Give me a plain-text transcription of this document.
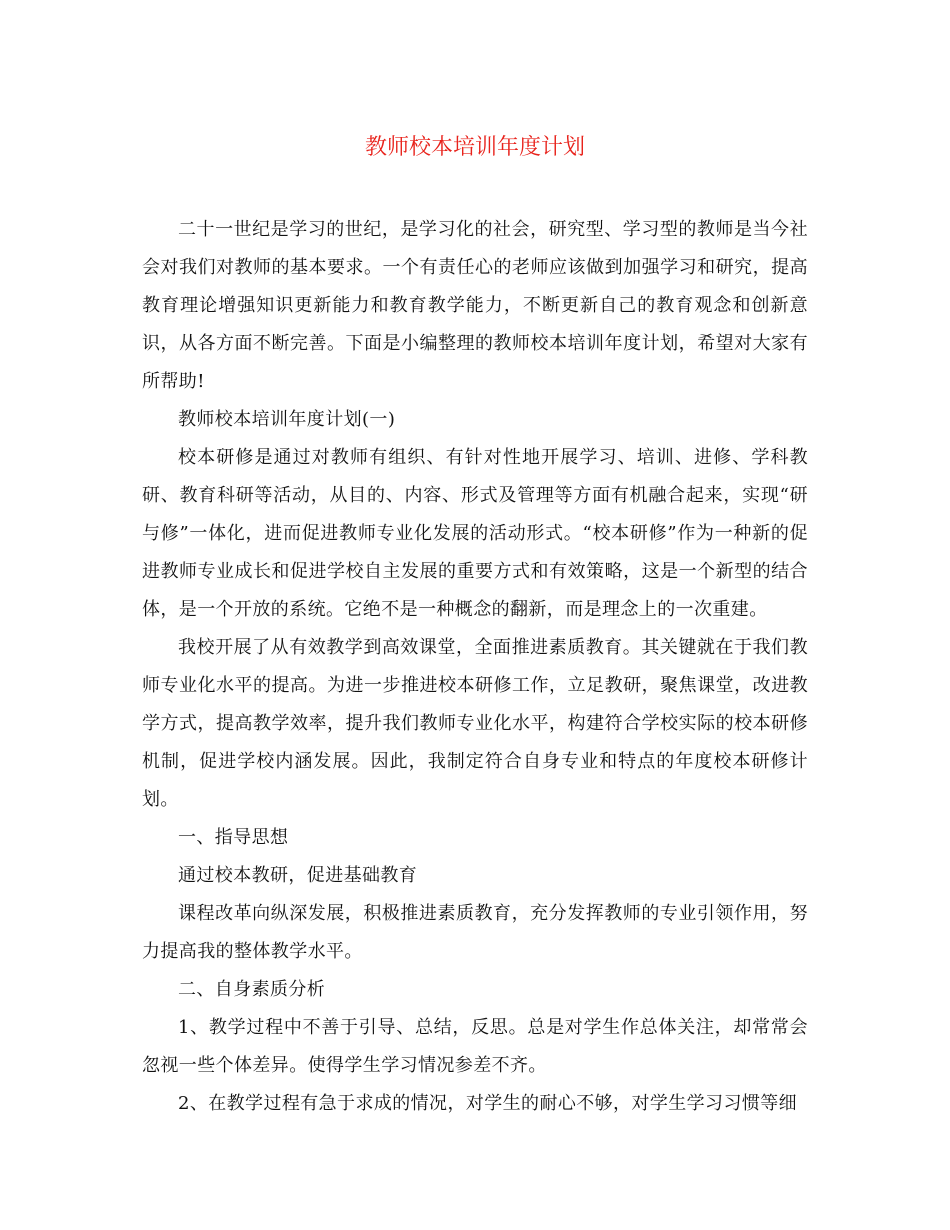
教师校本培训年度计划

二十一世纪是学习的世纪，是学习化的社会，研究型、学习型的教师是当今社会对我们对教师的基本要求。一个有责任心的老师应该做到加强学习和研究，提高教育理论增强知识更新能力和教育教学能力，不断更新自己的教育观念和创新意识，从各方面不断完善。下面是小编整理的教师校本培训年度计划，希望对大家有所帮助!

教师校本培训年度计划(一)

校本研修是通过对教师有组织、有针对性地开展学习、培训、进修、学科教研、教育科研等活动，从目的、内容、形式及管理等方面有机融合起来，实现“研与修”一体化，进而促进教师专业化发展的活动形式。“校本研修”作为一种新的促进教师专业成长和促进学校自主发展的重要方式和有效策略，这是一个新型的结合体，是一个开放的系统。它绝不是一种概念的翻新，而是理念上的一次重建。

我校开展了从有效教学到高效课堂，全面推进素质教育。其关键就在于我们教师专业化水平的提高。为进一步推进校本研修工作，立足教研，聚焦课堂，改进教学方式，提高教学效率，提升我们教师专业化水平，构建符合学校实际的校本研修机制，促进学校内涵发展。因此，我制定符合自身专业和特点的年度校本研修计划。

一、指导思想

通过校本教研，促进基础教育

课程改革向纵深发展，积极推进素质教育，充分发挥教师的专业引领作用，努力提高我的整体教学水平。

二、自身素质分析

1、教学过程中不善于引导、总结，反思。总是对学生作总体关注，却常常会忽视一些个体差异。使得学生学习情况参差不齐。

2、在教学过程有急于求成的情况，对学生的耐心不够，对学生学习习惯等细
